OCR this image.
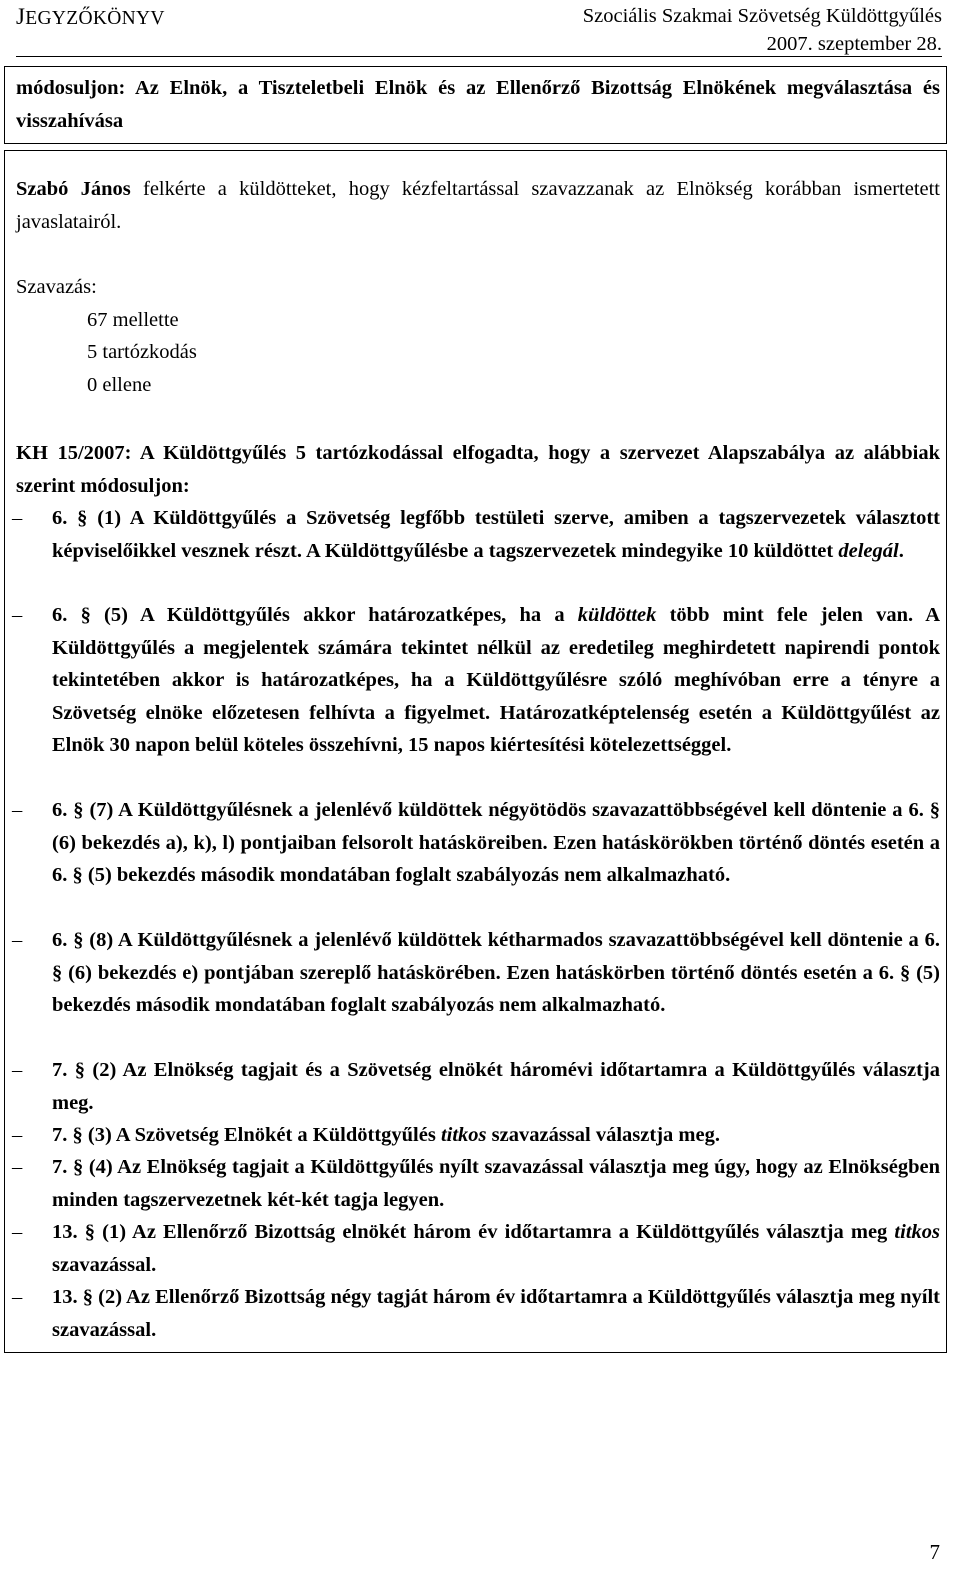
JEGYZŐKÖNYV	Szociális Szakmai Szövetség Küldöttgyűlés
2007. szeptember 28.

módosuljon: Az Elnök, a Tiszteletbeli Elnök és az Ellenőrző Bizottság Elnökének megválasztása és visszahívása

Szabó János felkérte a küldötteket, hogy kézfeltartással szavazzanak az Elnökség korábban ismertetett javaslatairól.

Szavazás:
67 mellette
5 tartózkodás
0 ellene

KH 15/2007: A Küldöttgyűlés 5 tartózkodással elfogadta, hogy a szervezet Alapszabálya az alábbiak szerint módosuljon:

– 6. § (1) A Küldöttgyűlés a Szövetség legfőbb testületi szerve, amiben a tagszervezetek választott képviselőikkel vesznek részt. A Küldöttgyűlésbe a tagszervezetek mindegyike 10 küldöttet delegál.

– 6. § (5) A Küldöttgyűlés akkor határozatképes, ha a küldöttek több mint fele jelen van. A Küldöttgyűlés a megjelentek számára tekintet nélkül az eredetileg meghirdetett napirendi pontok tekintetében akkor is határozatképes, ha a Küldöttgyűlésre szóló meghívóban erre a tényre a Szövetség elnöke előzetesen felhívta a figyelmet. Határozatképtelenség esetén a Küldöttgyűlést az Elnök 30 napon belül köteles összehívni, 15 napos kiértesítési kötelezettséggel.

– 6. § (7) A Küldöttgyűlésnek a jelenlévő küldöttek négyötödös szavazattöbbségével kell döntenie a 6. § (6) bekezdés a), k), l) pontjaiban felsorolt hatásköreiben. Ezen hatáskörökben történő döntés esetén a 6. § (5) bekezdés második mondatában foglalt szabályozás nem alkalmazható.

– 6. § (8) A Küldöttgyűlésnek a jelenlévő küldöttek kétharmados szavazattöbbségével kell döntenie a 6. § (6) bekezdés e) pontjában szereplő hatáskörében. Ezen hatáskörben történő döntés esetén a 6. § (5) bekezdés második mondatában foglalt szabályozás nem alkalmazható.

– 7. § (2) Az Elnökség tagjait és a Szövetség elnökét háromévi időtartamra a Küldöttgyűlés választja meg.

– 7. § (3) A Szövetség Elnökét a Küldöttgyűlés titkos szavazással választja meg.

– 7. § (4) Az Elnökség tagjait a Küldöttgyűlés nyílt szavazással választja meg úgy, hogy az Elnökségben minden tagszervezetnek két-két tagja legyen.

– 13. § (1) Az Ellenőrző Bizottság elnökét három év időtartamra a Küldöttgyűlés választja meg titkos szavazással.

– 13. § (2) Az Ellenőrző Bizottság négy tagját három év időtartamra a Küldöttgyűlés választja meg nyílt szavazással.

7
